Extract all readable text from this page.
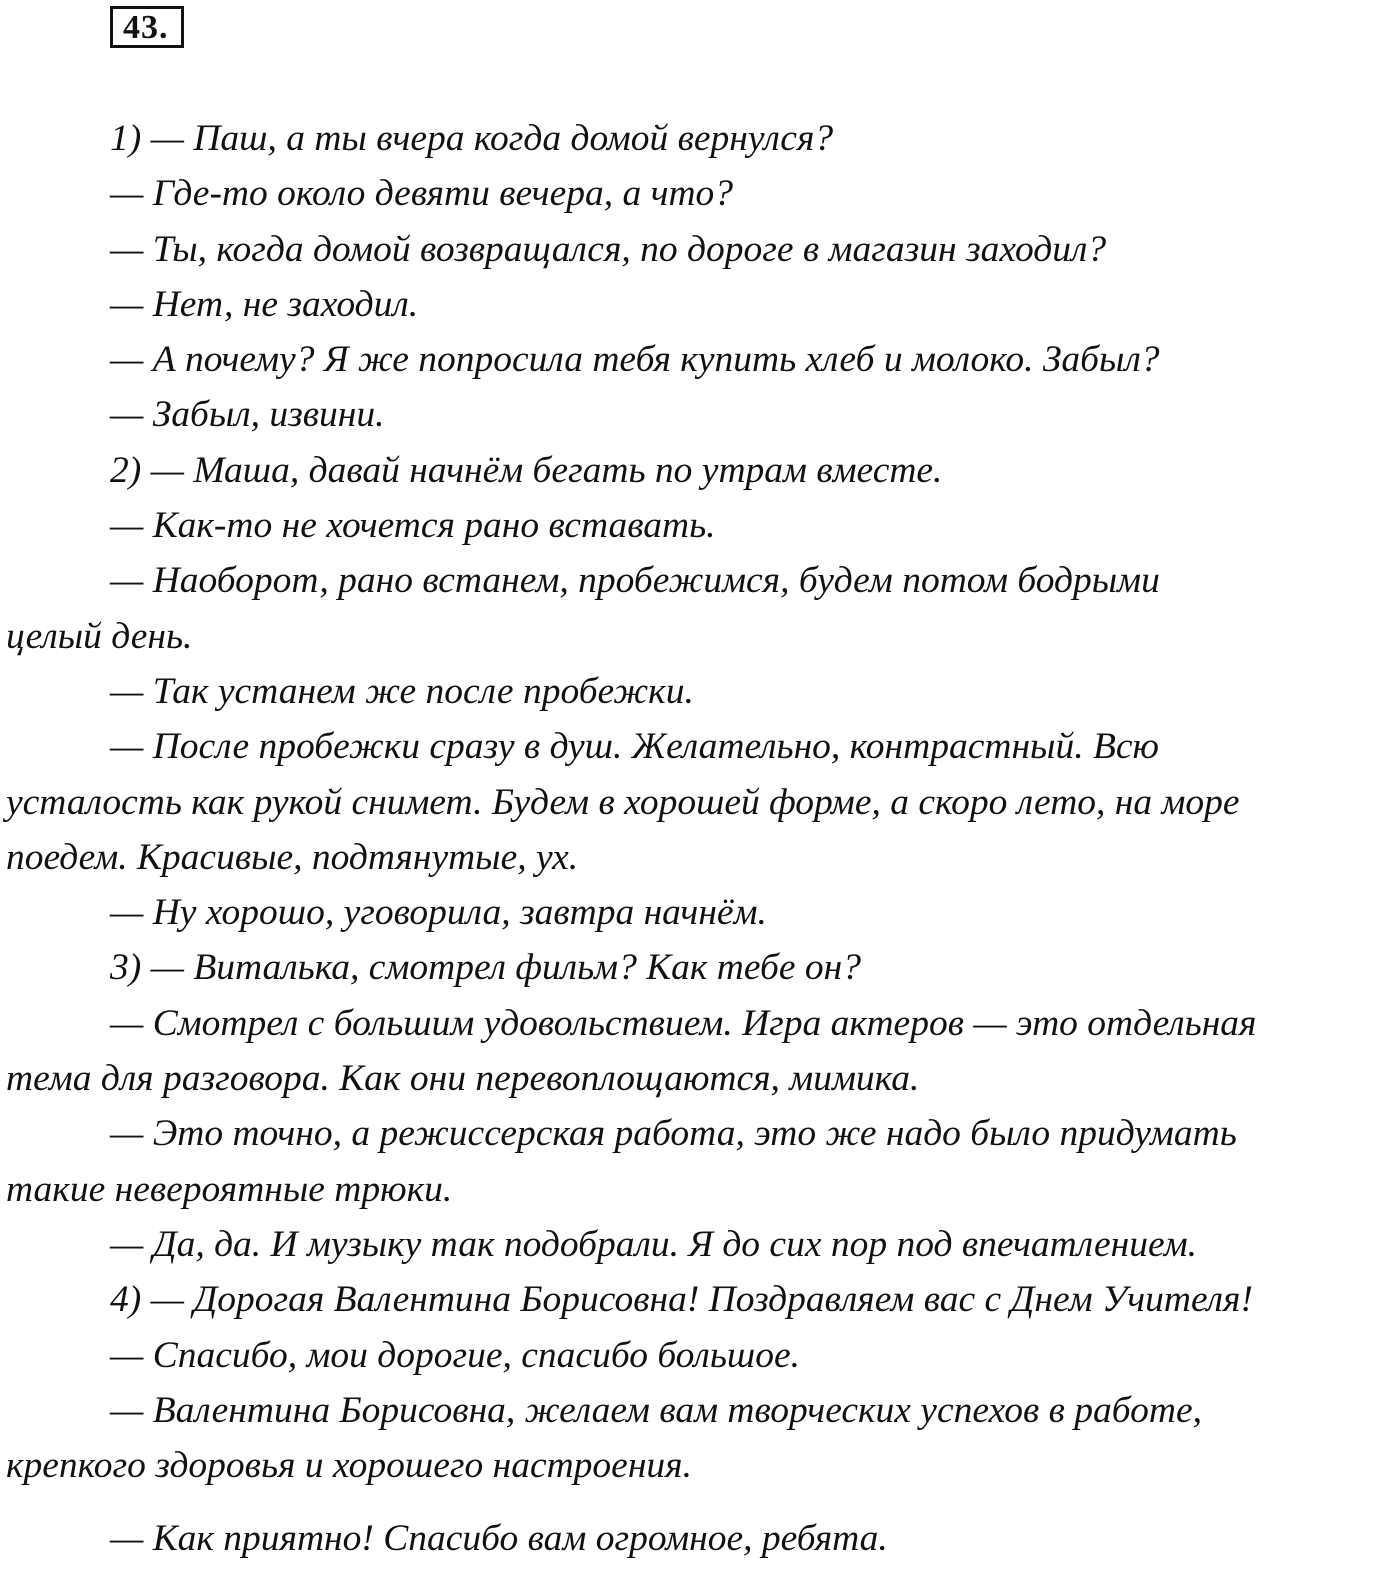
43.
1) — Паш, а ты вчера когда домой вернулся?
— Где-то около девяти вечера, а что?
— Ты, когда домой возвращался, по дороге в магазин заходил?
— Нет, не заходил.
— А почему? Я же попросила тебя купить хлеб и молоко. Забыл?
— Забыл, извини.
2) — Маша, давай начнём бегать по утрам вместе.
— Как-то не хочется рано вставать.
— Наоборот, рано встанем, пробежимся, будем потом бодрыми
целый день.
— Так устанем же после пробежки.
— После пробежки сразу в душ. Желательно, контрастный. Всю
усталость как рукой снимет. Будем в хорошей форме, а скоро лето, на море
поедем. Красивые, подтянутые, ух.
— Ну хорошо, уговорила, завтра начнём.
3) — Виталька, смотрел фильм? Как тебе он?
— Смотрел с большим удовольствием. Игра актеров — это отдельная
тема для разговора. Как они перевоплощаются, мимика.
— Это точно, а режиссерская работа, это же надо было придумать
такие невероятные трюки.
— Да, да. И музыку так подобрали. Я до сих пор под впечатлением.
4) — Дорогая Валентина Борисовна! Поздравляем вас с Днем Учителя!
— Спасибо, мои дорогие, спасибо большое.
— Валентина Борисовна, желаем вам творческих успехов в работе,
крепкого здоровья и хорошего настроения.
— Как приятно! Спасибо вам огромное, ребята.
